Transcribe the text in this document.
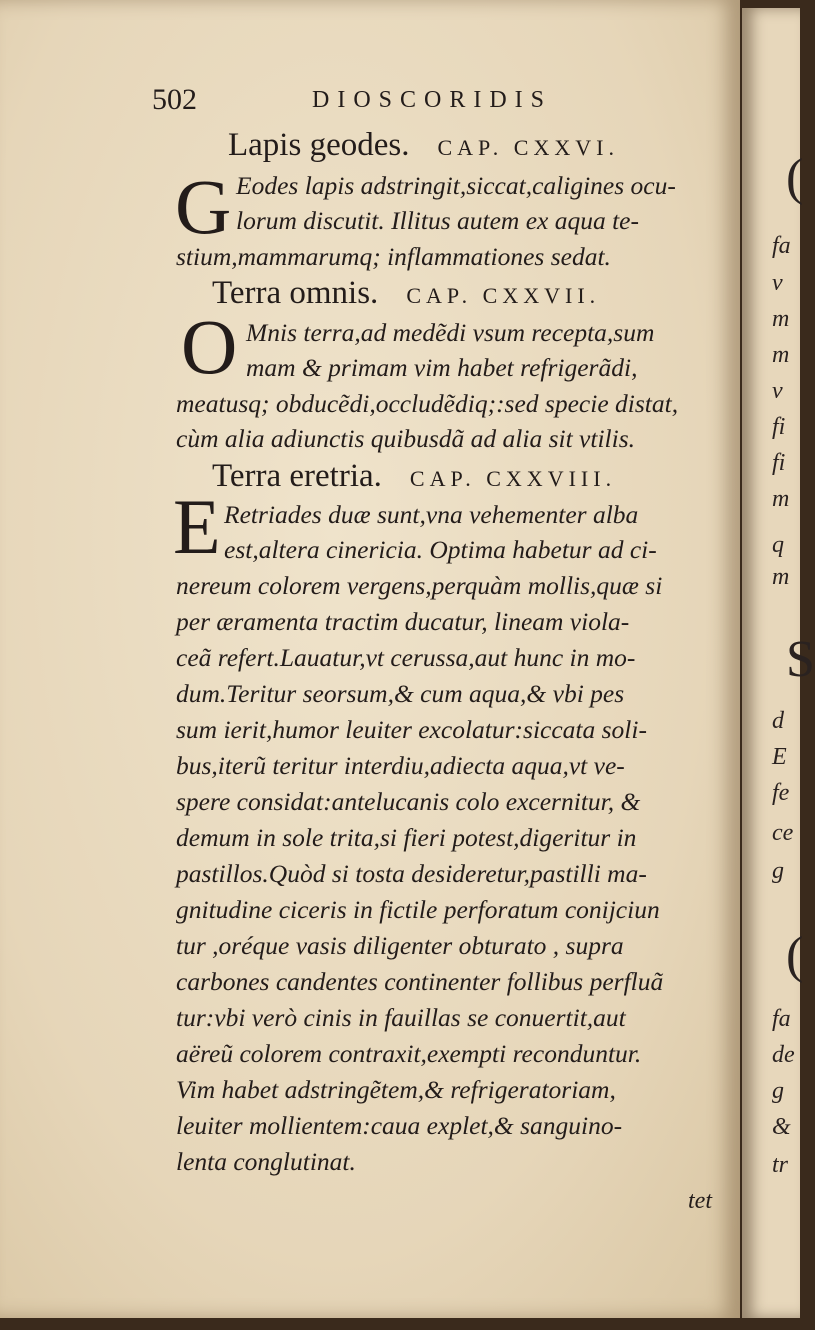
(
fa
v
m
m
v
fi
fi
m
q
m
S
d
E
fe
ce
g
(
fa
de
g
&
tr
502	DIOSCORIDIS
Lapis geodes. CAP. CXXVI.
G Eodes lapis adstringit,siccat,caligines ocu-
lorum discutit. Illitus autem ex aqua te-
stium,mammarumq; inflammationes sedat.
Terra omnis. CAP. CXXVII.
O Mnis terra,ad medẽdi vsum recepta,sum
mam & primam vim habet refrigerãdi,
meatusq; obducẽdi,occludẽdiq;:sed specie distat,
cùm alia adiunctis quibusdã ad alia sit vtilis.
Terra eretria. CAP. CXXVIII.
E Retriades duæ sunt,vna vehementer alba
est,altera cinericia. Optima habetur ad ci-
nereum colorem vergens,perquàm mollis,quæ si
per æramenta tractim ducatur, lineam viola-
ceã refert.Lauatur,vt cerussa,aut hunc in mo-
dum.Teritur seorsum,& cum aqua,& vbi pes
sum ierit,humor leuiter excolatur:siccata soli-
bus,iterũ teritur interdiu,adiecta aqua,vt ve-
spere considat:antelucanis colo excernitur, &
demum in sole trita,si fieri potest,digeritur in
pastillos.Quòd si tosta desideretur,pastilli ma-
gnitudine ciceris in fictile perforatum conijciun
tur ,oréque vasis diligenter obturato , supra
carbones candentes continenter follibus perfluã
tur:vbi verò cinis in fauillas se conuertit,aut
aëreũ colorem contraxit,exempti reconduntur.
Vim habet adstringẽtem,& refrigeratoriam,
leuiter mollientem:caua explet,& sanguino-
lenta conglutinat.
tet
